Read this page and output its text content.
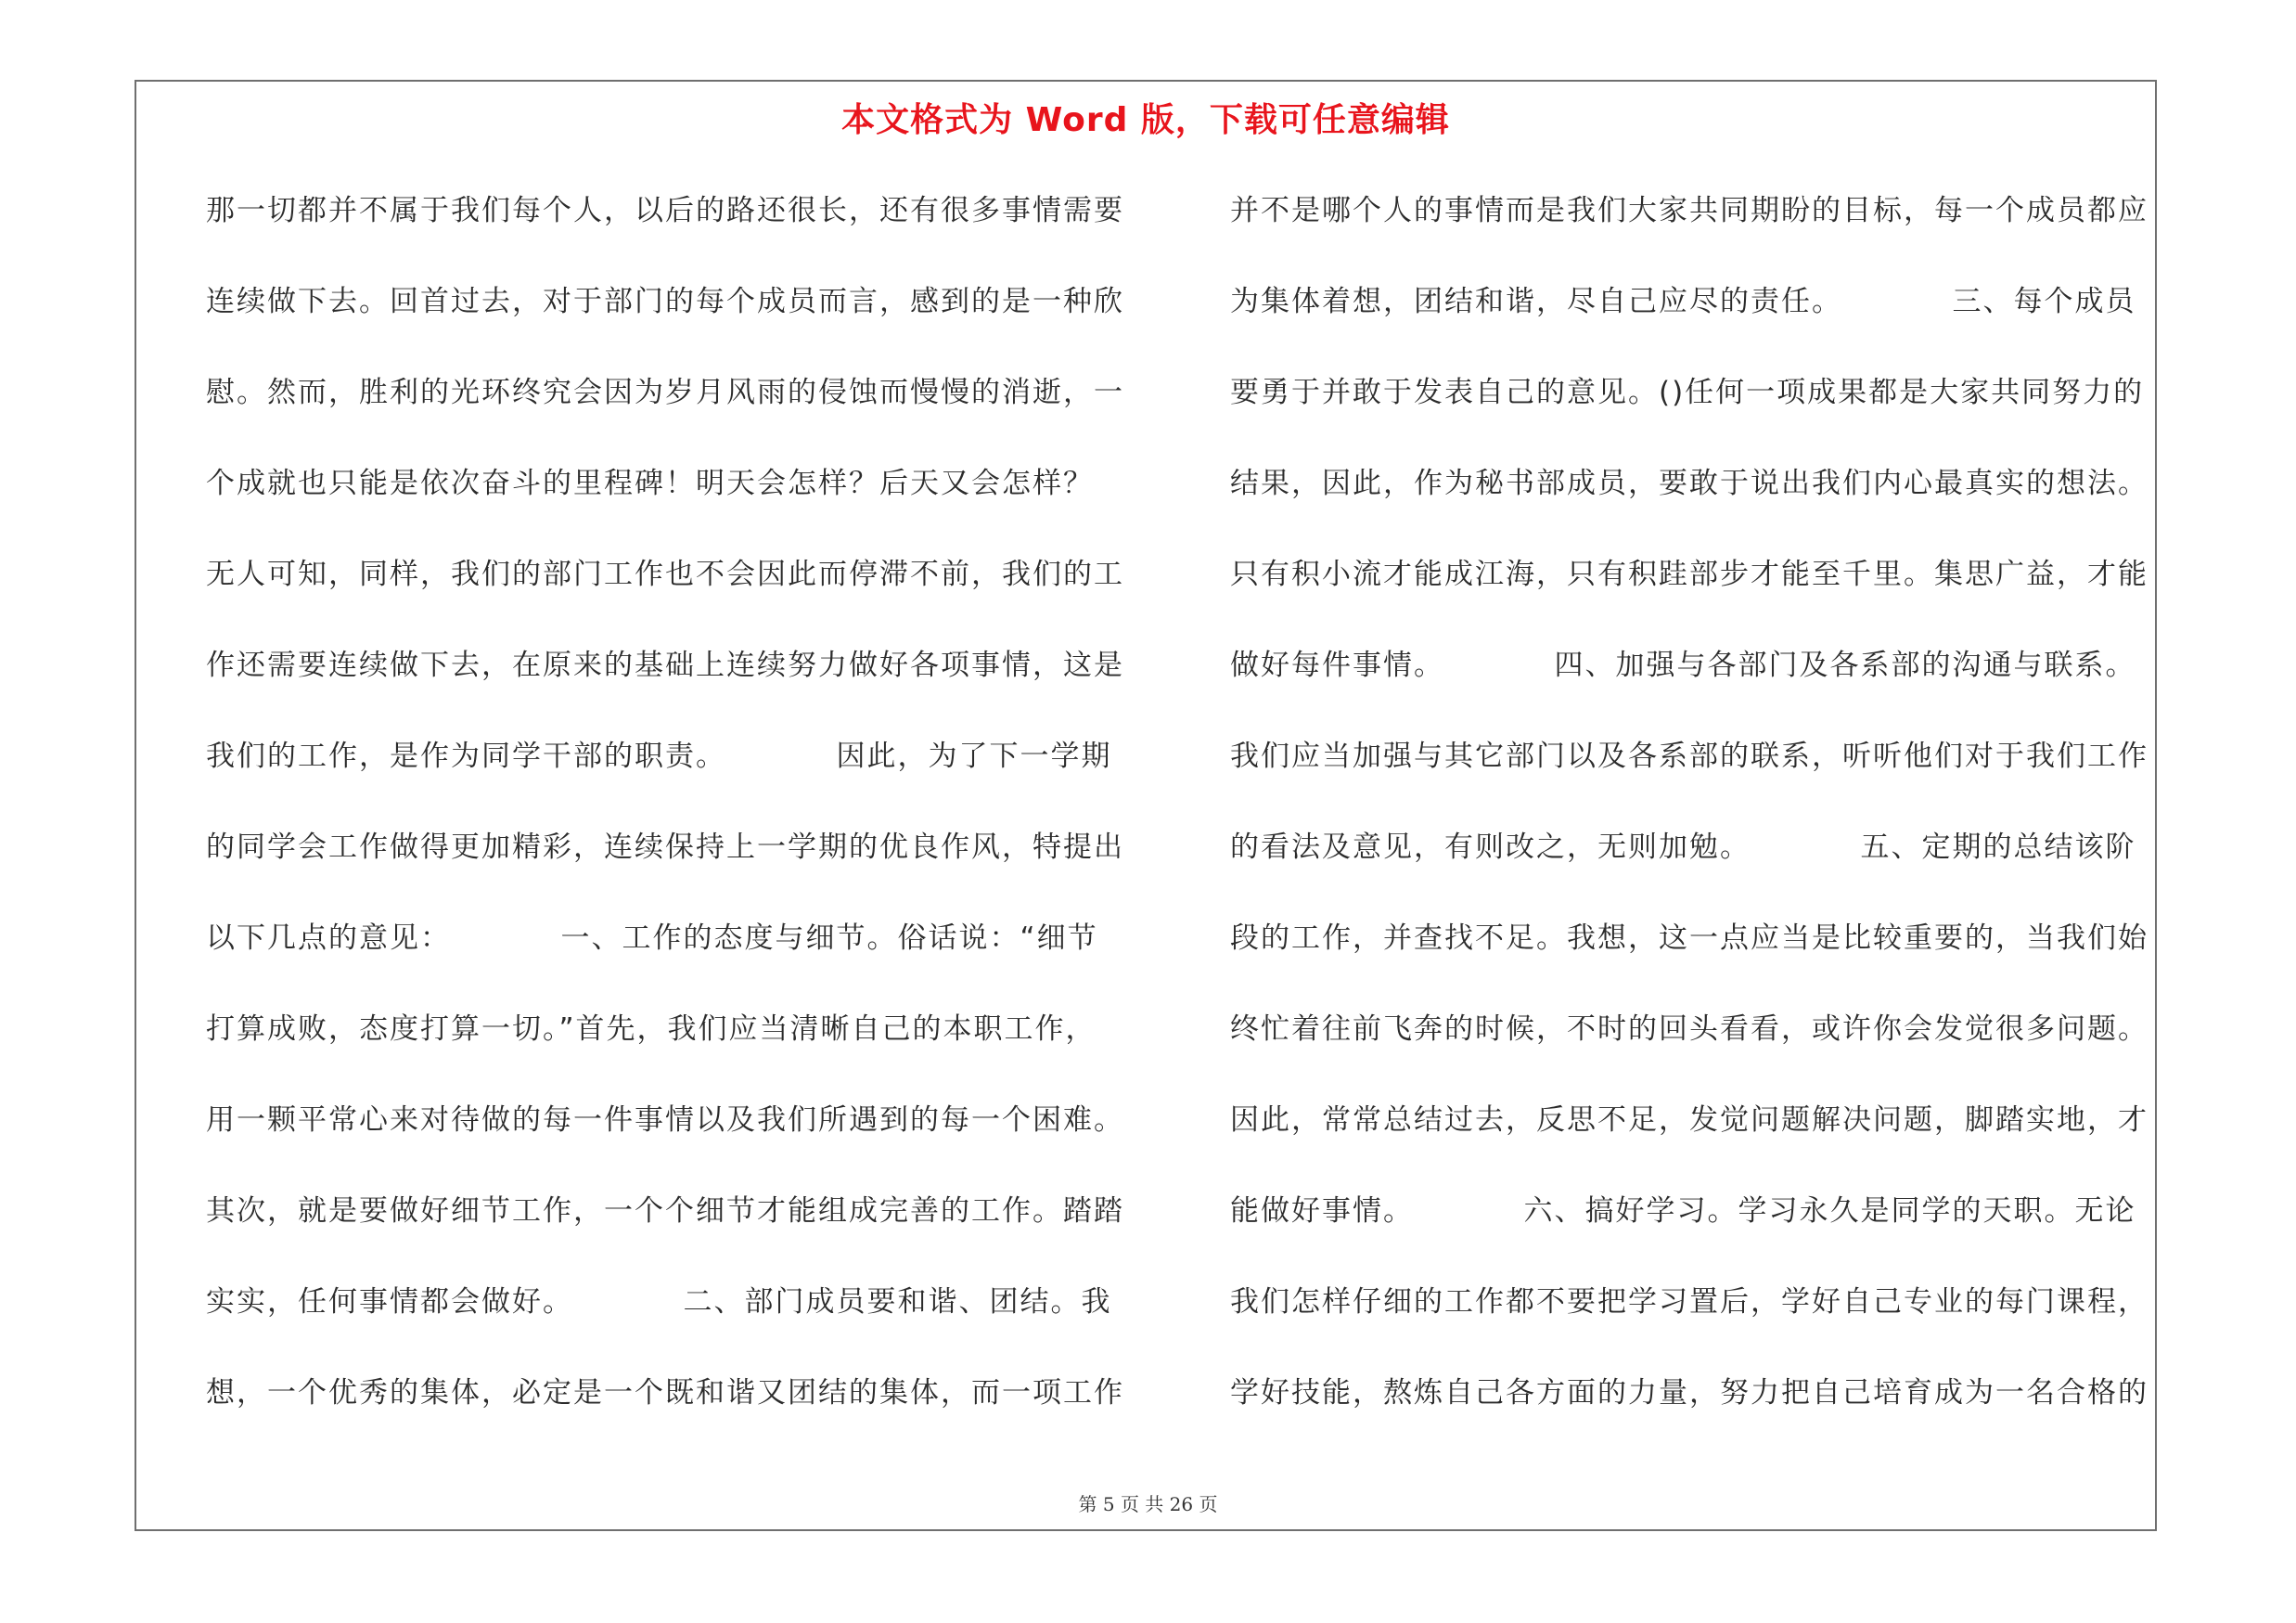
本文格式为 Word 版，下载可任意编辑
那一切都并不属于我们每个人，以后的路还很长，还有很多事情需要
连续做下去。回首过去，对于部门的每个成员而言，感到的是一种欣
慰。然而，胜利的光环终究会因为岁月风雨的侵蚀而慢慢的消逝，一
个成就也只能是依次奋斗的里程碑！明天会怎样？后天又会怎样？
无人可知，同样，我们的部门工作也不会因此而停滞不前，我们的工
作还需要连续做下去，在原来的基础上连续努力做好各项事情，这是
我们的工作，是作为同学干部的职责。          因此，为了下一学期
的同学会工作做得更加精彩，连续保持上一学期的优良作风，特提出
以下几点的意见：          一、工作的态度与细节。俗话说：“细节
打算成败，态度打算一切。”首先，我们应当清晰自己的本职工作，
用一颗平常心来对待做的每一件事情以及我们所遇到的每一个困难。
其次，就是要做好细节工作，一个个细节才能组成完善的工作。踏踏
实实，任何事情都会做好。          二、部门成员要和谐、团结。我
想，一个优秀的集体，必定是一个既和谐又团结的集体，而一项工作
并不是哪个人的事情而是我们大家共同期盼的目标，每一个成员都应
为集体着想，团结和谐，尽自己应尽的责任。          三、每个成员
要勇于并敢于发表自己的意见。()任何一项成果都是大家共同努力的
结果，因此，作为秘书部成员，要敢于说出我们内心最真实的想法。
只有积小流才能成江海，只有积跬部步才能至千里。集思广益，才能
做好每件事情。          四、加强与各部门及各系部的沟通与联系。
我们应当加强与其它部门以及各系部的联系，听听他们对于我们工作
的看法及意见，有则改之，无则加勉。          五、定期的总结该阶
段的工作，并查找不足。我想，这一点应当是比较重要的，当我们始
终忙着往前飞奔的时候，不时的回头看看，或许你会发觉很多问题。
因此，常常总结过去，反思不足，发觉问题解决问题，脚踏实地，才
能做好事情。          六、搞好学习。学习永久是同学的天职。无论
我们怎样仔细的工作都不要把学习置后，学好自己专业的每门课程，
学好技能，熬炼自己各方面的力量，努力把自己培育成为一名合格的
第 5 页 共 26 页
